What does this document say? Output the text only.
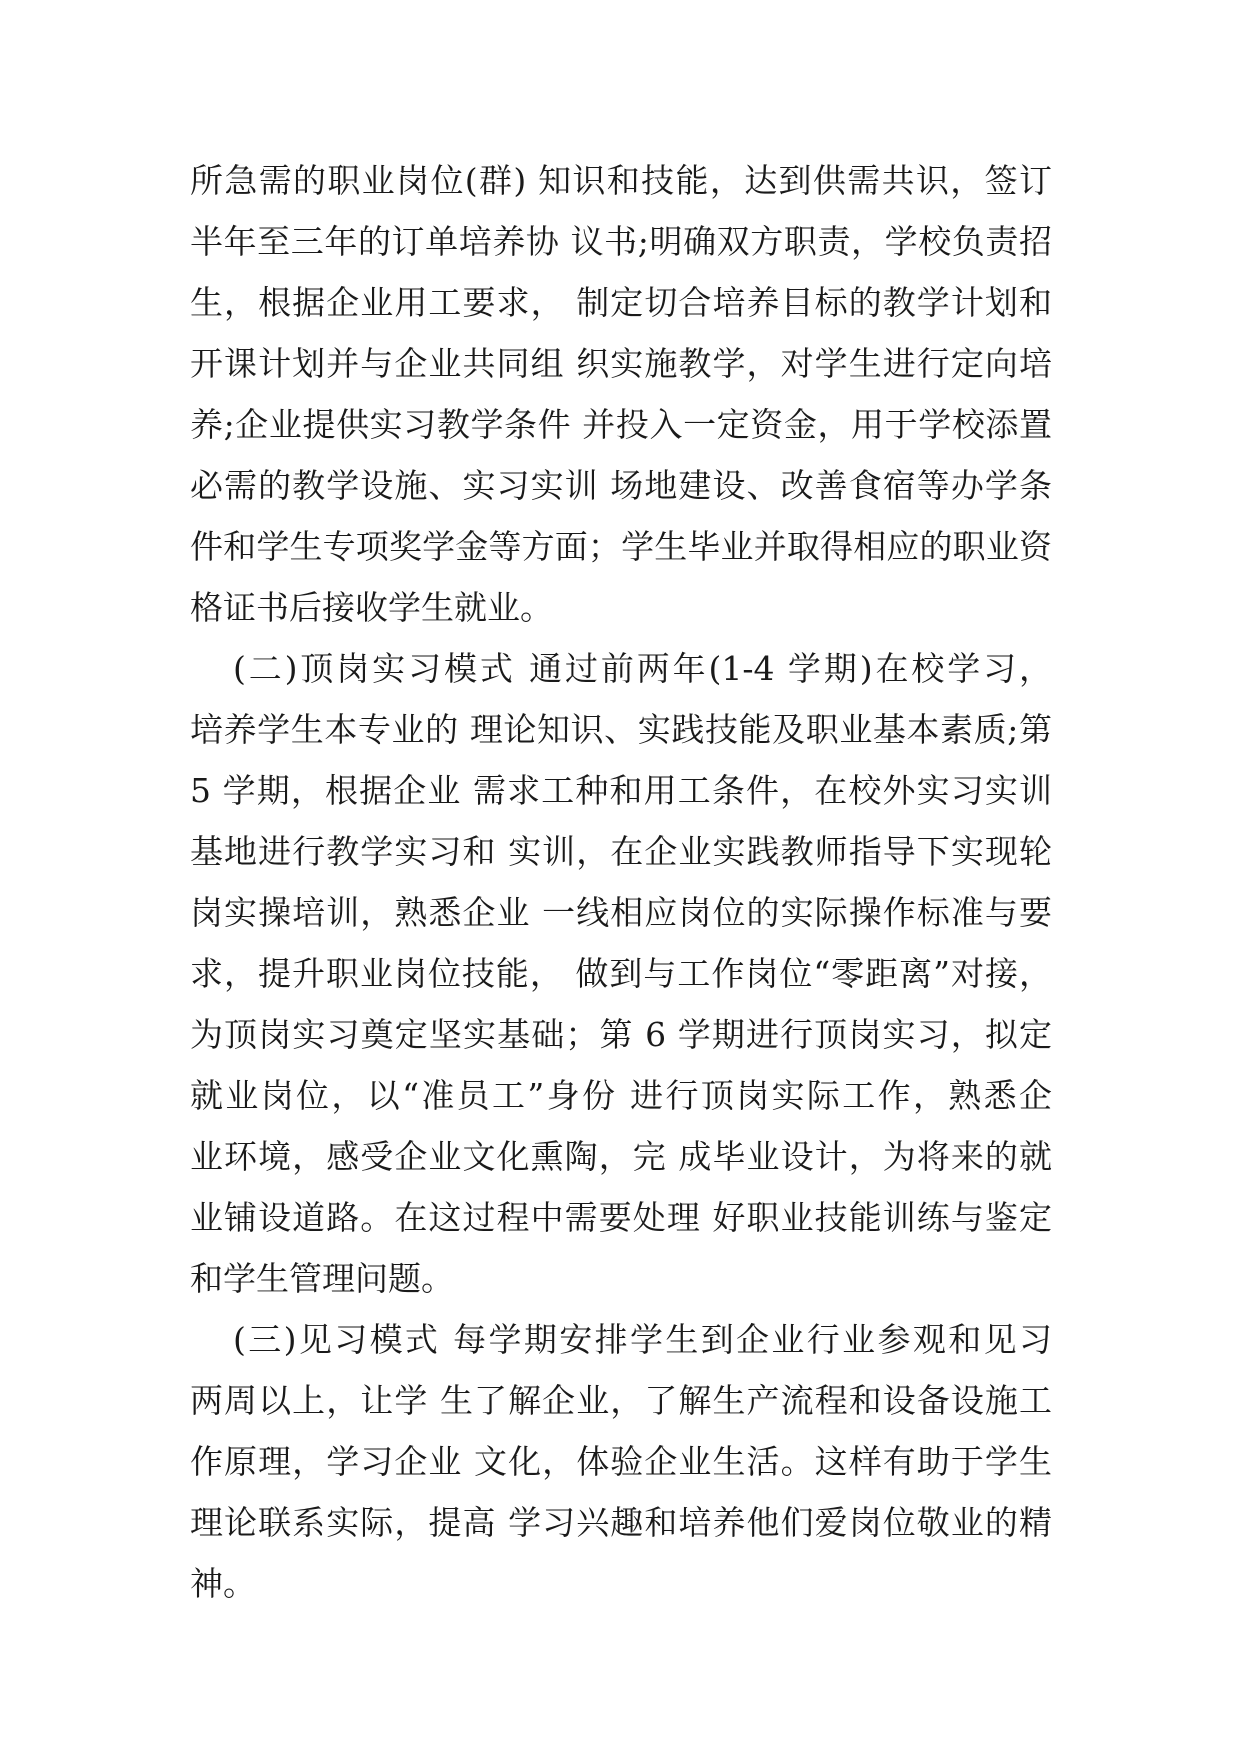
所急需的职业岗位(群) 知识和技能，达到供需共识，签订
半年至三年的订单培养协 议书;明确双方职责，学校负责招
生，根据企业用工要求， 制定切合培养目标的教学计划和
开课计划并与企业共同组 织实施教学，对学生进行定向培
养;企业提供实习教学条件 并投入一定资金，用于学校添置
必需的教学设施、实习实训 场地建设、改善食宿等办学条
件和学生专项奖学金等方面；学生毕业并取得相应的职业资
格证书后接收学生就业。
(二)顶岗实习模式 通过前两年(1-4 学期)在校学习，
培养学生本专业的 理论知识、实践技能及职业基本素质;第
5 学期，根据企业 需求工种和用工条件，在校外实习实训
基地进行教学实习和 实训，在企业实践教师指导下实现轮
岗实操培训，熟悉企业 一线相应岗位的实际操作标准与要
求，提升职业岗位技能， 做到与工作岗位“零距离”对接，
为顶岗实习奠定坚实基础；第 6 学期进行顶岗实习，拟定
就业岗位，以“准员工”身份 进行顶岗实际工作，熟悉企
业环境，感受企业文化熏陶，完 成毕业设计，为将来的就
业铺设道路。在这过程中需要处理 好职业技能训练与鉴定
和学生管理问题。
(三)见习模式 每学期安排学生到企业行业参观和见习
两周以上，让学 生了解企业，了解生产流程和设备设施工
作原理，学习企业 文化，体验企业生活。这样有助于学生
理论联系实际，提高 学习兴趣和培养他们爱岗位敬业的精
神。
